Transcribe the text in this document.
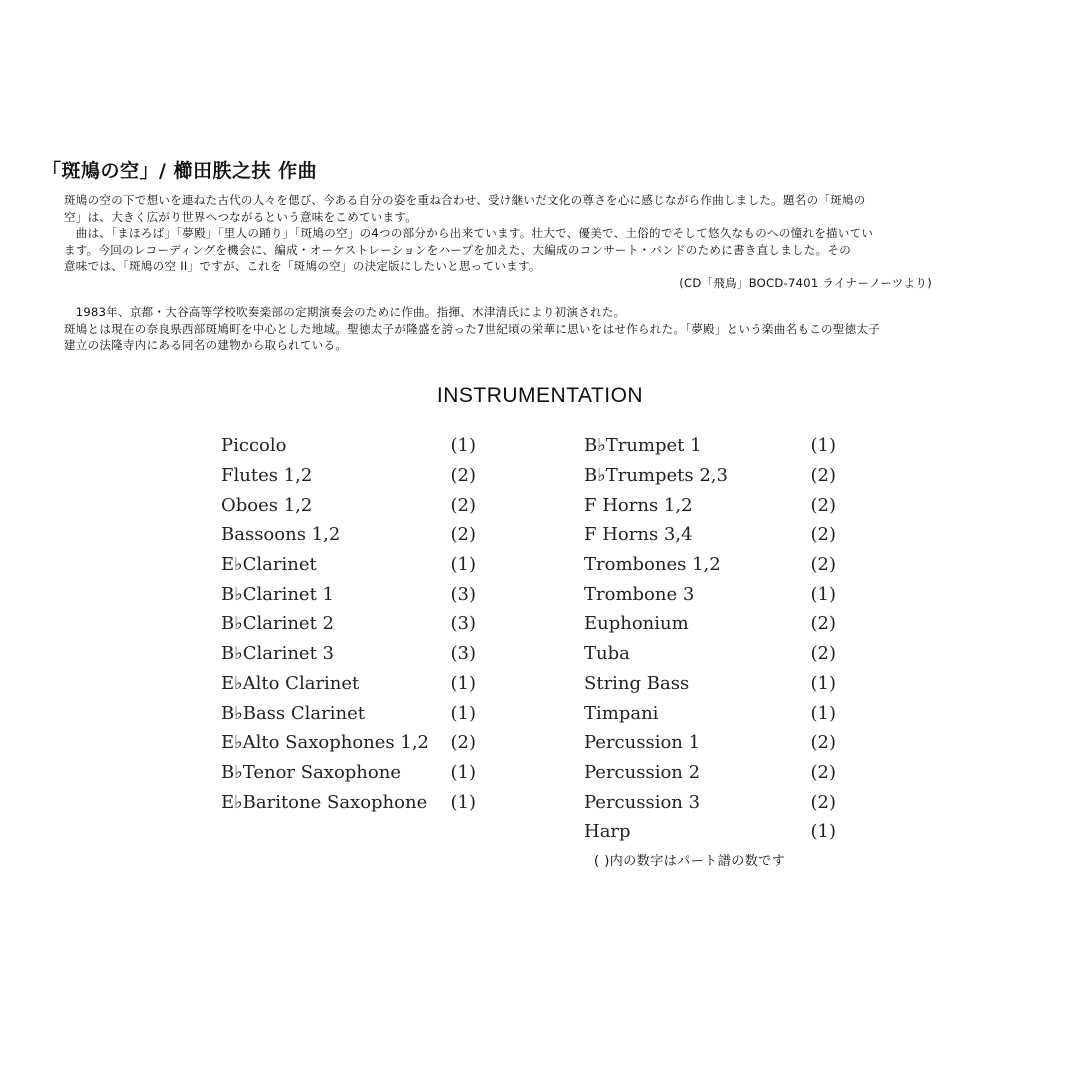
「斑鳩の空」/ 櫛田胅之扶 作曲

斑鳩の空の下で想いを連ねた古代の人々を偲び、今ある自分の姿を重ね合わせ、受け継いだ文化の尊さを心に感じながら作曲しました。題名の「斑鳩の

空」は、大きく広がり世界へつながるという意味をこめています。

　曲は、「まほろば」「夢殿」「里人の踊り」「斑鳩の空」の4つの部分から出来ています。壮大で、優美で、土俗的でそして悠久なものへの憧れを描いてい

ます。今回のレコーディングを機会に、編成・オーケストレーションをハープを加えた、大編成のコンサート・バンドのために書き直しました。その

意味では、「斑鳩の空 II」ですが、これを「斑鳩の空」の決定版にしたいと思っています。

(CD「飛鳥」BOCD-7401 ライナーノーツより)

　1983年、京都・大谷高等学校吹奏楽部の定期演奏会のために作曲。指揮、木津清氏により初演された。

斑鳩とは現在の奈良県西部斑鳩町を中心とした地域。聖徳太子が隆盛を誇った7世紀頃の栄華に思いをはせ作られた。「夢殿」という楽曲名もこの聖徳太子

建立の法隆寺内にある同名の建物から取られている。

INSTRUMENTATION
Piccolo	(1)
Flutes 1,2	(2)
Oboes 1,2	(2)
Bassoons 1,2	(2)
E♭Clarinet	(1)
B♭Clarinet 1	(3)
B♭Clarinet 2	(3)
B♭Clarinet 3	(3)
E♭Alto Clarinet	(1)
B♭Bass Clarinet	(1)
E♭Alto Saxophones 1,2 (2)
B♭Tenor Saxophone	(1)
E♭Baritone Saxophone (1)
B♭Trumpet 1	(1)
B♭Trumpets 2,3	(2)
F Horns 1,2	(2)
F Horns 3,4	(2)
Trombones 1,2	(2)
Trombone 3	(1)
Euphonium	(2)
Tuba	(2)
String Bass	(1)
Timpani	(1)
Percussion 1	(2)
Percussion 2	(2)
Percussion 3	(2)
Harp	(1)
( )内の数字はパート譜の数です
